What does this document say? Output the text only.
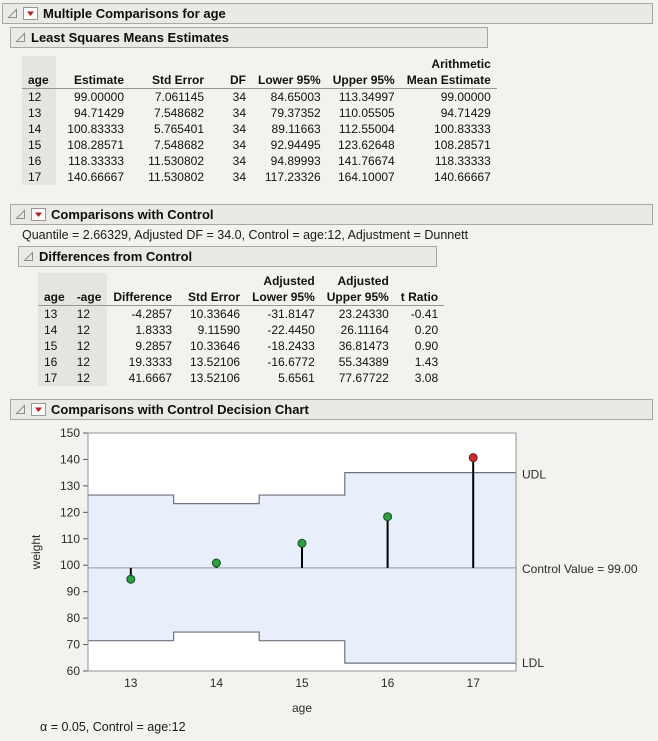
Multiple Comparisons for age
Least Squares Means Estimates
						Arithmetic
age	Estimate	Std Error	DF	Lower 95%	Upper 95%	Mean Estimate
12	99.00000	7.061145	34	84.65003	113.34997	99.00000
13	94.71429	7.548682	34	79.37352	110.05505	94.71429
14	100.83333	5.765401	34	89.11663	112.55004	100.83333
15	108.28571	7.548682	34	92.94495	123.62648	108.28571
16	118.33333	11.530802	34	94.89993	141.76674	118.33333
17	140.66667	11.530802	34	117.23326	164.10007	140.66667
Comparisons with Control
Quantile = 2.66329, Adjusted DF = 34.0, Control = age:12, Adjustment = Dunnett
Differences from Control
				Adjusted	Adjusted	
age	-age	Difference	Std Error	Lower 95%	Upper 95%	t Ratio
13	12	-4.2857	10.33646	-31.8147	23.24330	-0.41
14	12	1.8333	9.11590	-22.4450	26.11164	0.20
15	12	9.2857	10.33646	-18.2433	36.81473	0.90
16	12	19.3333	13.52106	-16.6772	55.34389	1.43
17	12	41.6667	13.52106	5.6561	77.67722	3.08
Comparisons with Control Decision Chart
60
70
80
90
100
110
120
130
140
150
13	14	15	16	17
weight
age
UDL
Control Value = 99.00
LDL
α = 0.05, Control = age:12
